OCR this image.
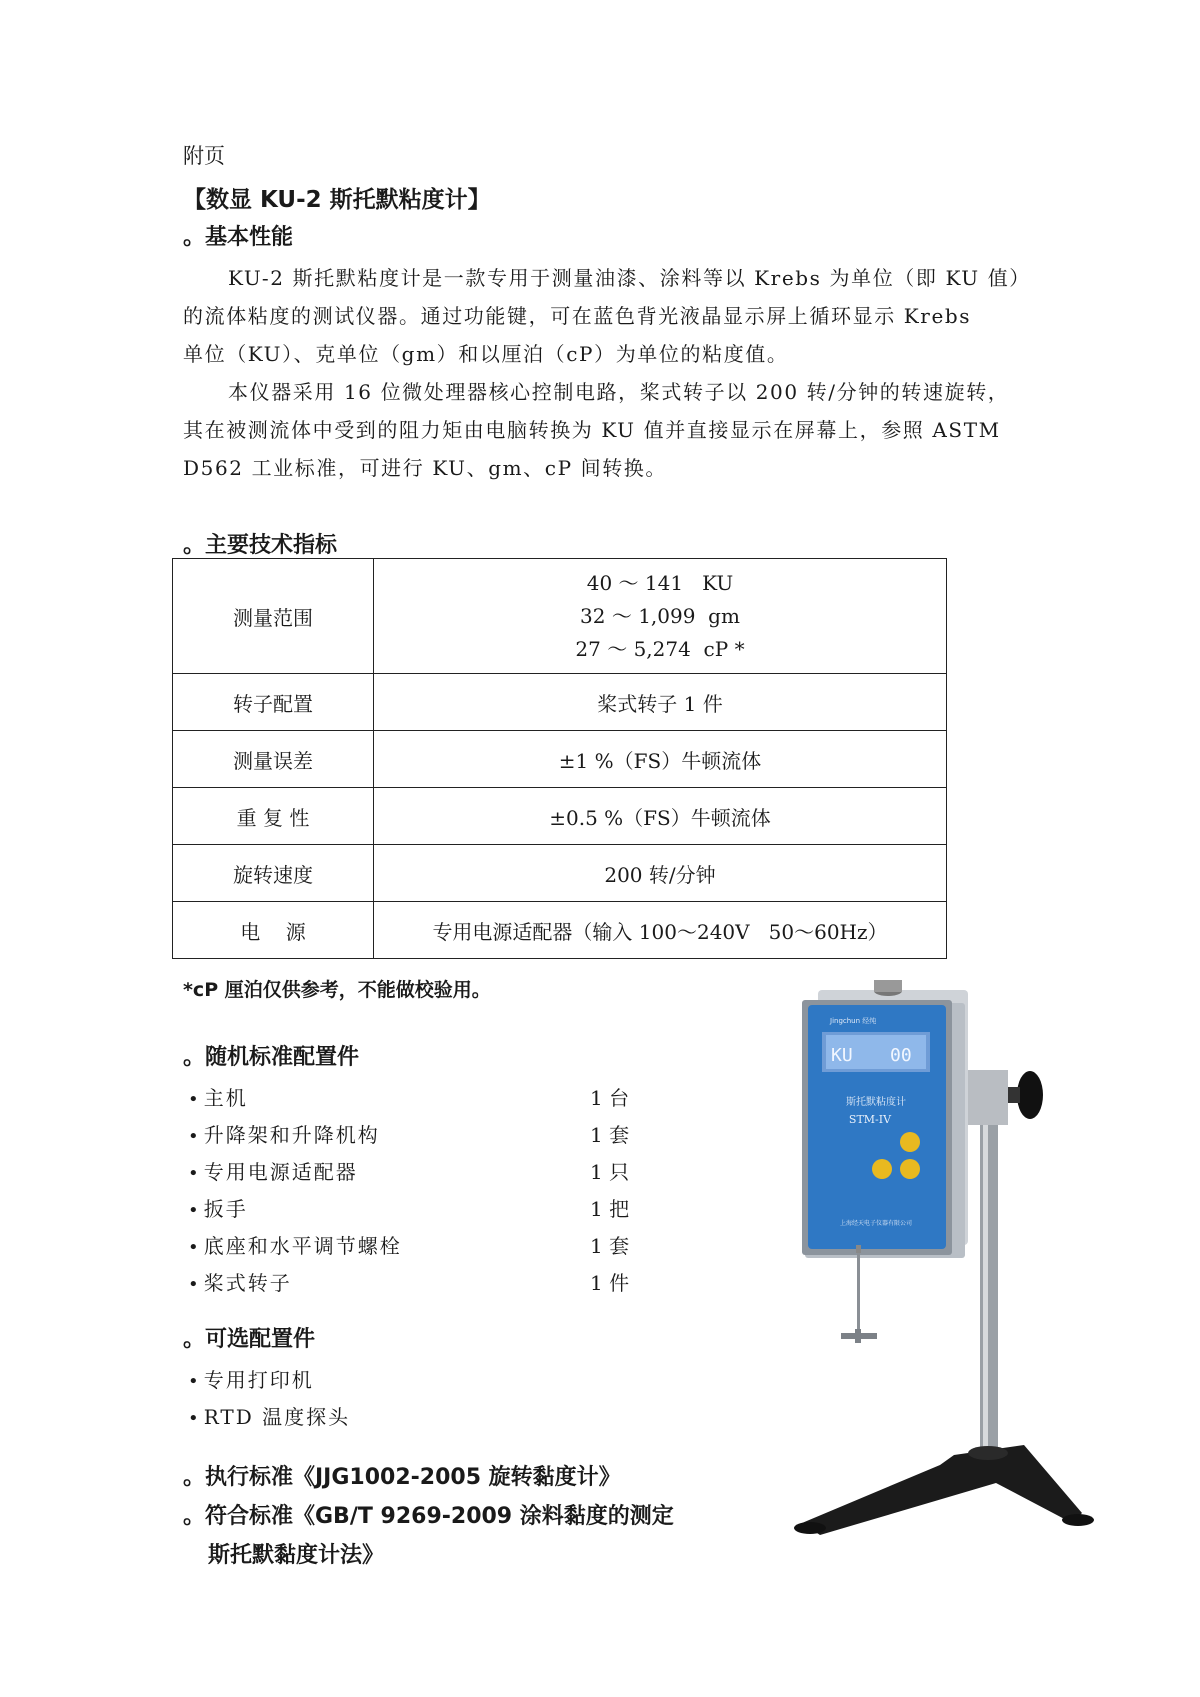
附页
【数显 KU-2 斯托默粘度计】
。基本性能
KU-2 斯托默粘度计是一款专用于测量油漆、涂料等以 Krebs 为单位（即 KU 值）
的流体粘度的测试仪器。通过功能键，可在蓝色背光液晶显示屏上循环显示 Krebs
单位（KU）、克单位（gm）和以厘泊（cP）为单位的粘度值。
本仪器采用 16 位微处理器核心控制电路，桨式转子以 200 转/分钟的转速旋转，
其在被测流体中受到的阻力矩由电脑转换为 KU 值并直接显示在屏幕上，参照 ASTM
D562 工业标准，可进行 KU、gm、cP 间转换。
。主要技术指标
测量范围	40 ～ 141   KU
32 ～ 1,099  gm
27 ～ 5,274  cP *

转子配置	桨式转子 1 件
测量误差	±1 %（FS）牛顿流体
重 复 性	±0.5 %（FS）牛顿流体
旋转速度	200 转/分钟
电    源	专用电源适配器（输入 100～240V   50～60Hz）
*cP 厘泊仅供参考，不能做校验用。
。随机标准配置件
• 主机	1 台
• 升降架和升降机构	1 套
• 专用电源适配器	1 只
• 扳手	1 把
• 底座和水平调节螺栓	1 套
• 桨式转子	1 件
。可选配置件
• 专用打印机
• RTD 温度探头
。执行标准《JJG1002-2005 旋转黏度计》
。符合标准《GB/T 9269-2009 涂料黏度的测定
斯托默黏度计法》
Jingchun 经纯
KU 00
斯托默粘度计
STM-IV
上海经天电子仪器有限公司
